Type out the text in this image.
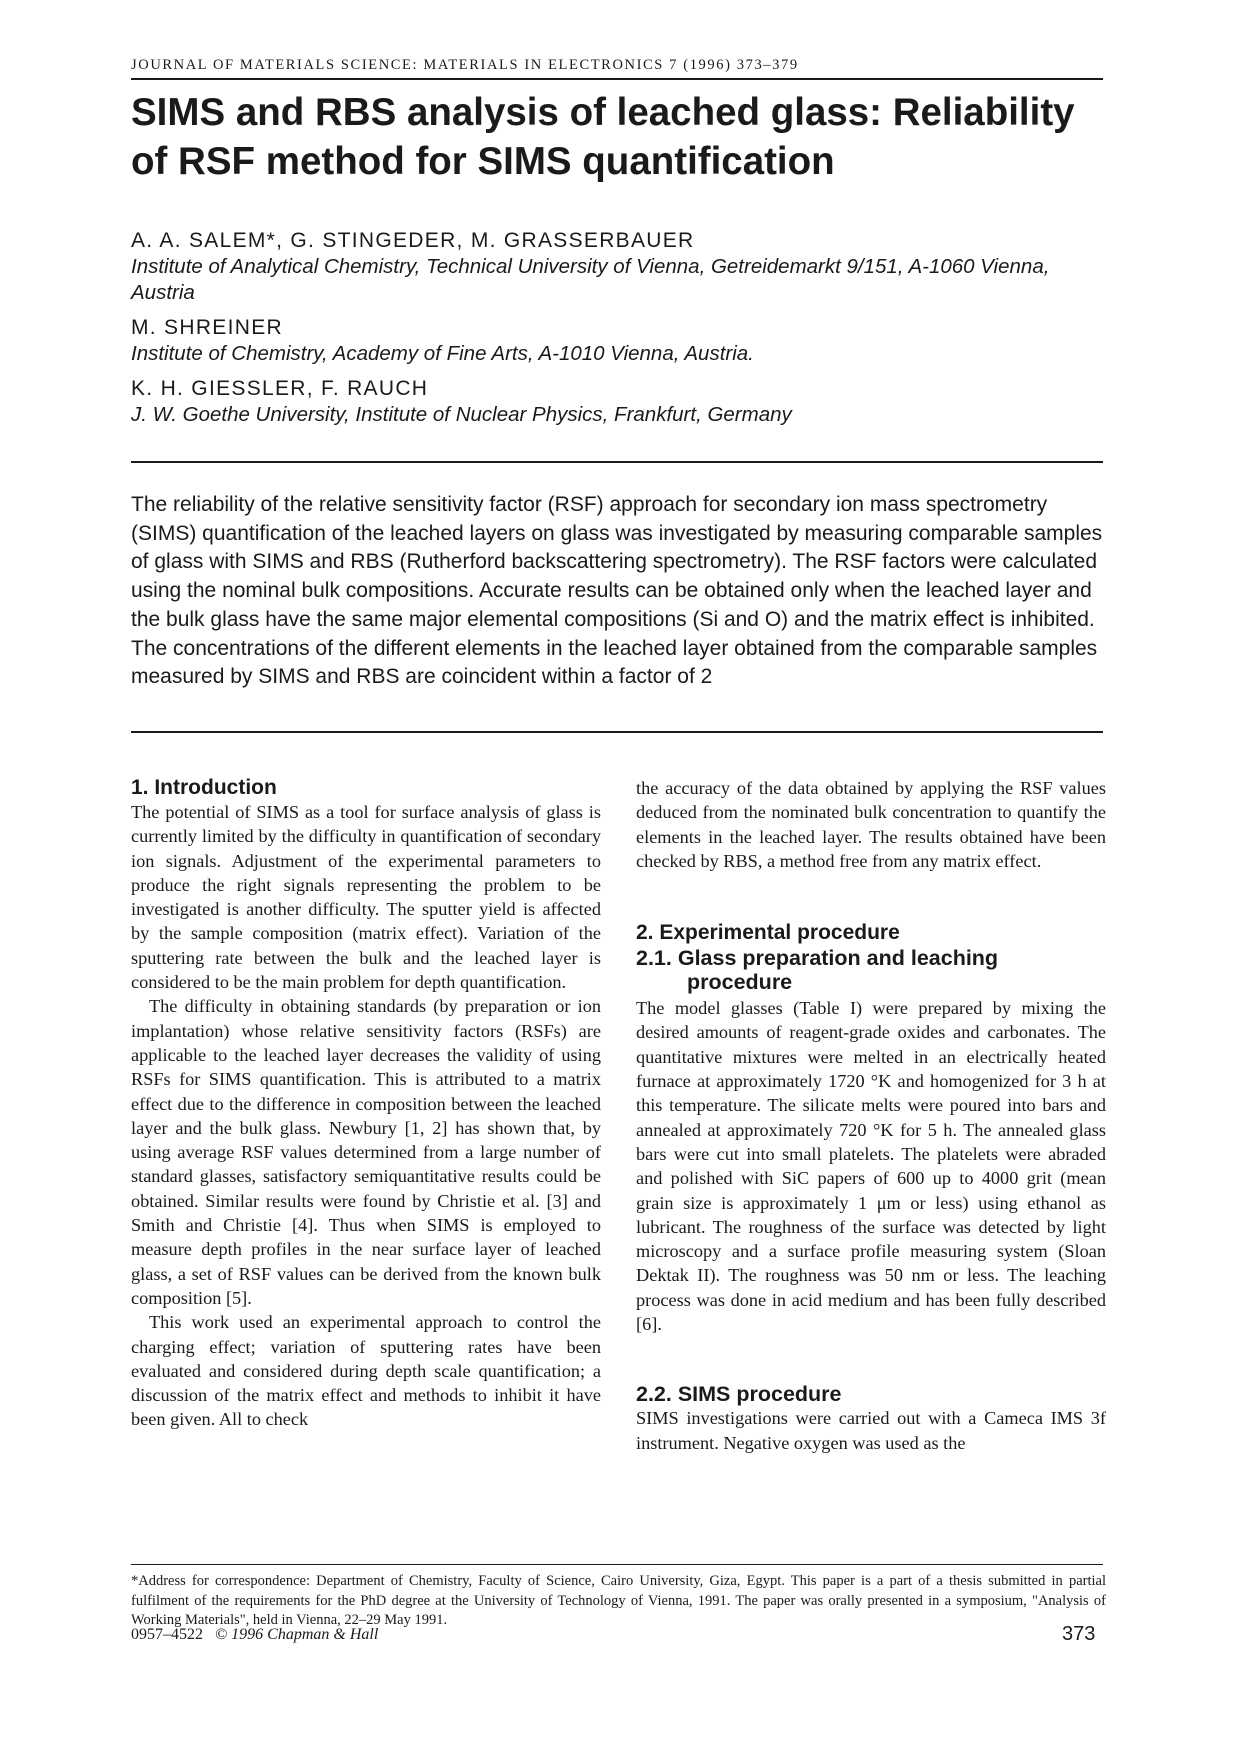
JOURNAL OF MATERIALS SCIENCE: MATERIALS IN ELECTRONICS 7 (1996) 373–379
SIMS and RBS analysis of leached glass: Reliability of RSF method for SIMS quantification

A. A. SALEM*, G. STINGEDER, M. GRASSERBAUER

Institute of Analytical Chemistry, Technical University of Vienna, Getreidemarkt 9/151, A-1060 Vienna, Austria

M. SHREINER

Institute of Chemistry, Academy of Fine Arts, A-1010 Vienna, Austria.

K. H. GIESSLER, F. RAUCH

J. W. Goethe University, Institute of Nuclear Physics, Frankfurt, Germany

The reliability of the relative sensitivity factor (RSF) approach for secondary ion mass spectrometry (SIMS) quantification of the leached layers on glass was investigated by measuring comparable samples of glass with SIMS and RBS (Rutherford backscattering spectrometry). The RSF factors were calculated using the nominal bulk compositions. Accurate results can be obtained only when the leached layer and the bulk glass have the same major elemental compositions (Si and O) and the matrix effect is inhibited. The concentrations of the different elements in the leached layer obtained from the comparable samples measured by SIMS and RBS are coincident within a factor of 2

1. Introduction

The potential of SIMS as a tool for surface analysis of glass is currently limited by the difficulty in quantification of secondary ion signals. Adjustment of the experimental parameters to produce the right signals representing the problem to be investigated is another difficulty. The sputter yield is affected by the sample composition (matrix effect). Variation of the sputtering rate between the bulk and the leached layer is considered to be the main problem for depth quantification.

The difficulty in obtaining standards (by preparation or ion implantation) whose relative sensitivity factors (RSFs) are applicable to the leached layer decreases the validity of using RSFs for SIMS quantification. This is attributed to a matrix effect due to the difference in composition between the leached layer and the bulk glass. Newbury [1, 2] has shown that, by using average RSF values determined from a large number of standard glasses, satisfactory semiquantitative results could be obtained. Similar results were found by Christie et al. [3] and Smith and Christie [4]. Thus when SIMS is employed to measure depth profiles in the near surface layer of leached glass, a set of RSF values can be derived from the known bulk composition [5].

This work used an experimental approach to control the charging effect; variation of sputtering rates have been evaluated and considered during depth scale quantification; a discussion of the matrix effect and methods to inhibit it have been given. All to check

the accuracy of the data obtained by applying the RSF values deduced from the nominated bulk concentration to quantify the elements in the leached layer. The results obtained have been checked by RBS, a method free from any matrix effect.

2. Experimental procedure
2.1. Glass preparation and leaching
procedure

The model glasses (Table I) were prepared by mixing the desired amounts of reagent-grade oxides and carbonates. The quantitative mixtures were melted in an electrically heated furnace at approximately 1720 °K and homogenized for 3 h at this temperature. The silicate melts were poured into bars and annealed at approximately 720 °K for 5 h. The annealed glass bars were cut into small platelets. The platelets were abraded and polished with SiC papers of 600 up to 4000 grit (mean grain size is approximately 1 μm or less) using ethanol as lubricant. The roughness of the surface was detected by light microscopy and a surface profile measuring system (Sloan Dektak II). The roughness was 50 nm or less. The leaching process was done in acid medium and has been fully described [6].

2.2. SIMS procedure

SIMS investigations were carried out with a Cameca IMS 3f instrument. Negative oxygen was used as the

*Address for correspondence: Department of Chemistry, Faculty of Science, Cairo University, Giza, Egypt. This paper is a part of a thesis submitted in partial fulfilment of the requirements for the PhD degree at the University of Technology of Vienna, 1991. The paper was orally presented in a symposium, "Analysis of Working Materials", held in Vienna, 22–29 May 1991.

0957–4522 © 1996 Chapman & Hall	373
